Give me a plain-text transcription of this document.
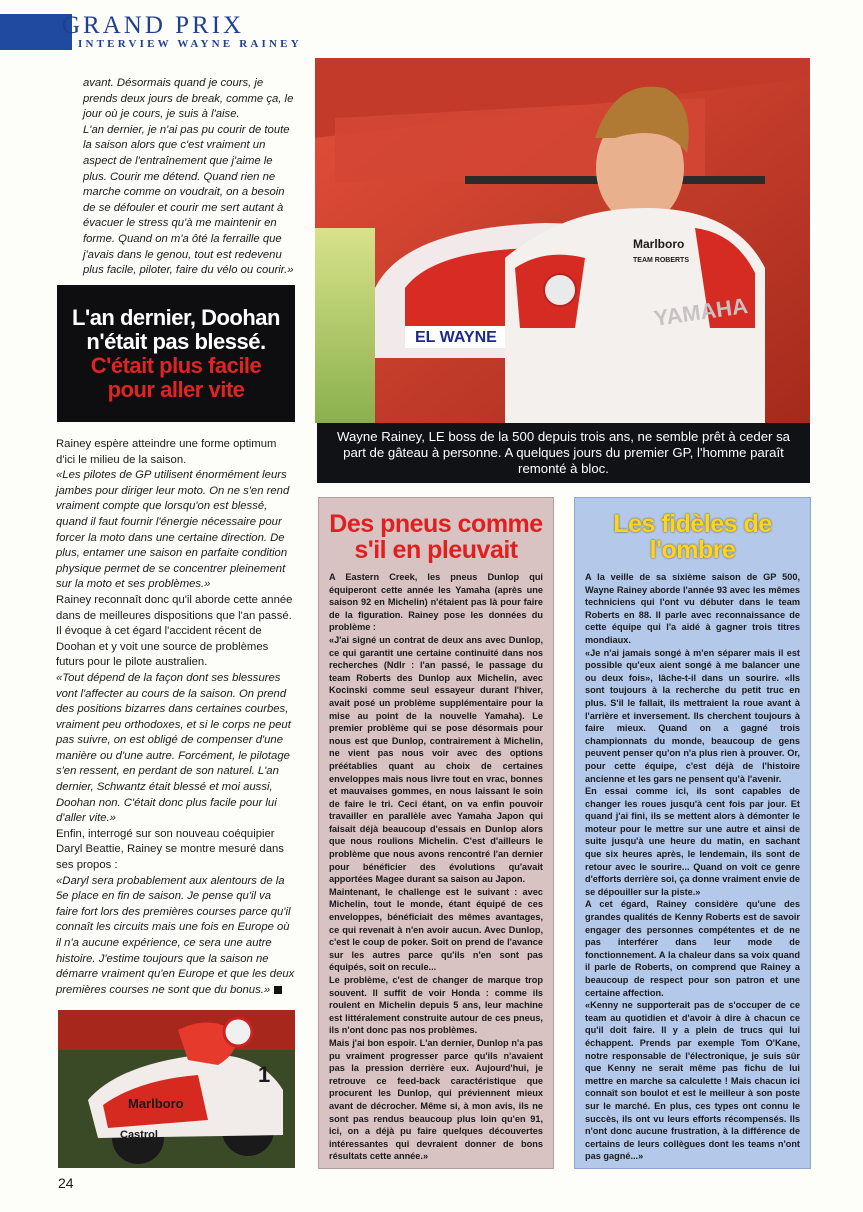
GRAND PRIX
INTERVIEW WAYNE RAINEY

avant. Désormais quand je cours, je prends deux jours de break, comme ça, le jour où je cours, je suis à l'aise.

L'an dernier, je n'ai pas pu courir de toute la saison alors que c'est vraiment un aspect de l'entraînement que j'aime le plus. Courir me détend. Quand rien ne marche comme on voudrait, on a besoin de se défouler et courir me sert autant à évacuer le stress qu'à me maintenir en forme. Quand on m'a ôté la ferraille que j'avais dans le genou, tout est redevenu plus facile, piloter, faire du vélo ou courir.»

L'an dernier, Doohan
n'était pas blessé.
C'était plus facile
pour aller vite

Rainey espère atteindre une forme optimum d'ici le milieu de la saison.

«Les pilotes de GP utilisent énormément leurs jambes pour diriger leur moto. On ne s'en rend vraiment compte que lorsqu'on est blessé, quand il faut fournir l'énergie nécessaire pour forcer la moto dans une certaine direction. De plus, entamer une saison en parfaite condition physique permet de se concentrer pleinement sur la moto et ses problèmes.»

Rainey reconnaît donc qu'il aborde cette année dans de meilleures dispositions que l'an passé. Il évoque à cet égard l'accident récent de Doohan et y voit une source de problèmes futurs pour le pilote australien.

«Tout dépend de la façon dont ses blessures vont l'affecter au cours de la saison. On prend des positions bizarres dans certaines courbes, vraiment peu orthodoxes, et si le corps ne peut pas suivre, on est obligé de compenser d'une manière ou d'une autre. Forcément, le pilotage s'en ressent, en perdant de son naturel. L'an dernier, Schwantz était blessé et moi aussi, Doohan non. C'était donc plus facile pour lui d'aller vite.»

Enfin, interrogé sur son nouveau coéquipier Daryl Beattie, Rainey se montre mesuré dans ses propos :

«Daryl sera probablement aux alentours de la 5e place en fin de saison. Je pense qu'il va faire fort lors des premières courses parce qu'il connaît les circuits mais une fois en Europe où il n'a aucune expérience, ce sera une autre histoire. J'estime toujours que la saison ne démarre vraiment qu'en Europe et que les deux premières courses ne sont que du bonus.»

EL WAYNE
Marlboro
TEAM ROBERTS
YAMAHA
Wayne Rainey, LE boss de la 500 depuis trois ans, ne semble prêt à ceder sa part de gâteau à personne. A quelques jours du premier GP, l'homme paraît remonté à bloc.
Des pneus comme
s'il en pleuvait

A Eastern Creek, les pneus Dunlop qui équiperont cette année les Yamaha (après une saison 92 en Michelin) n'étaient pas là pour faire de la figuration. Rainey pose les données du problème :

«J'ai signé un contrat de deux ans avec Dunlop, ce qui garantit une certaine continuité dans nos recherches (Ndlr : l'an passé, le passage du team Roberts des Dunlop aux Michelin, avec Kocinski comme seul essayeur durant l'hiver, avait posé un problème supplémentaire pour la mise au point de la nouvelle Yamaha). Le premier problème qui se pose désormais pour nous est que Dunlop, contrairement à Michelin, ne vient pas nous voir avec des options préétablies quant au choix de certaines enveloppes mais nous livre tout en vrac, bonnes et mauvaises gommes, en nous laissant le soin de faire le tri. Ceci étant, on va enfin pouvoir travailler en parallèle avec Yamaha Japon qui faisait déjà beaucoup d'essais en Dunlop alors que nous roulions Michelin. C'est d'ailleurs le problème que nous avons rencontré l'an dernier pour bénéficier des évolutions qu'avait apportées Magee durant sa saison au Japon.

Maintenant, le challenge est le suivant : avec Michelin, tout le monde, étant équipé de ces enveloppes, bénéficiait des mêmes avantages, ce qui revenait à n'en avoir aucun. Avec Dunlop, c'est le coup de poker. Soit on prend de l'avance sur les autres parce qu'ils n'en sont pas équipés, soit on recule...

Le problème, c'est de changer de marque trop souvent. Il suffit de voir Honda : comme ils roulent en Michelin depuis 5 ans, leur machine est littéralement construite autour de ces pneus, ils n'ont donc pas nos problèmes.

Mais j'ai bon espoir. L'an dernier, Dunlop n'a pas pu vraiment progresser parce qu'ils n'avaient pas la pression derrière eux. Aujourd'hui, je retrouve ce feed-back caractéristique que procurent les Dunlop, qui préviennent mieux avant de décrocher. Même si, à mon avis, ils ne sont pas rendus beaucoup plus loin qu'en 91, ici, on a déjà pu faire quelques découvertes intéressantes qui devraient donner de bons résultats cette année.»

Les fidèles de
l'ombre

A la veille de sa sixième saison de GP 500, Wayne Rainey aborde l'année 93 avec les mêmes techniciens qui l'ont vu débuter dans le team Roberts en 88. Il parle avec reconnaissance de cette équipe qui l'a aidé à gagner trois titres mondiaux.

«Je n'ai jamais songé à m'en séparer mais il est possible qu'eux aient songé à me balancer une ou deux fois», lâche-t-il dans un sourire. «Ils sont toujours à la recherche du petit truc en plus. S'il le fallait, ils mettraient la roue avant à l'arrière et inversement. Ils cherchent toujours à faire mieux. Quand on a gagné trois championnats du monde, beaucoup de gens peuvent penser qu'on n'a plus rien à prouver. Or, pour cette équipe, c'est déjà de l'histoire ancienne et les gars ne pensent qu'à l'avenir.

En essai comme ici, ils sont capables de changer les roues jusqu'à cent fois par jour. Et quand j'ai fini, ils se mettent alors à démonter le moteur pour le mettre sur une autre et ainsi de suite jusqu'à une heure du matin, en sachant que six heures après, le lendemain, ils sont de retour avec le sourire... Quand on voit ce genre d'efforts derrière soi, ça donne vraiment envie de se dépouiller sur la piste.»

A cet égard, Rainey considère qu'une des grandes qualités de Kenny Roberts est de savoir engager des personnes compétentes et de ne pas interférer dans leur mode de fonctionnement. A la chaleur dans sa voix quand il parle de Roberts, on comprend que Rainey a beaucoup de respect pour son patron et une certaine affection.

«Kenny ne supporterait pas de s'occuper de ce team au quotidien et d'avoir à dire à chacun ce qu'il doit faire. Il y a plein de trucs qui lui échappent. Prends par exemple Tom O'Kane, notre responsable de l'électronique, je suis sûr que Kenny ne serait même pas fichu de lui mettre en marche sa calculette ! Mais chacun ici connaît son boulot et est le meilleur à son poste sur le marché. En plus, ces types ont connu le succès, ils ont vu leurs efforts récompensés. Ils n'ont donc aucune frustration, à la différence de certains de leurs collègues dont les teams n'ont pas gagné...»

Marlboro
Castrol
MICHELIN
1
24
